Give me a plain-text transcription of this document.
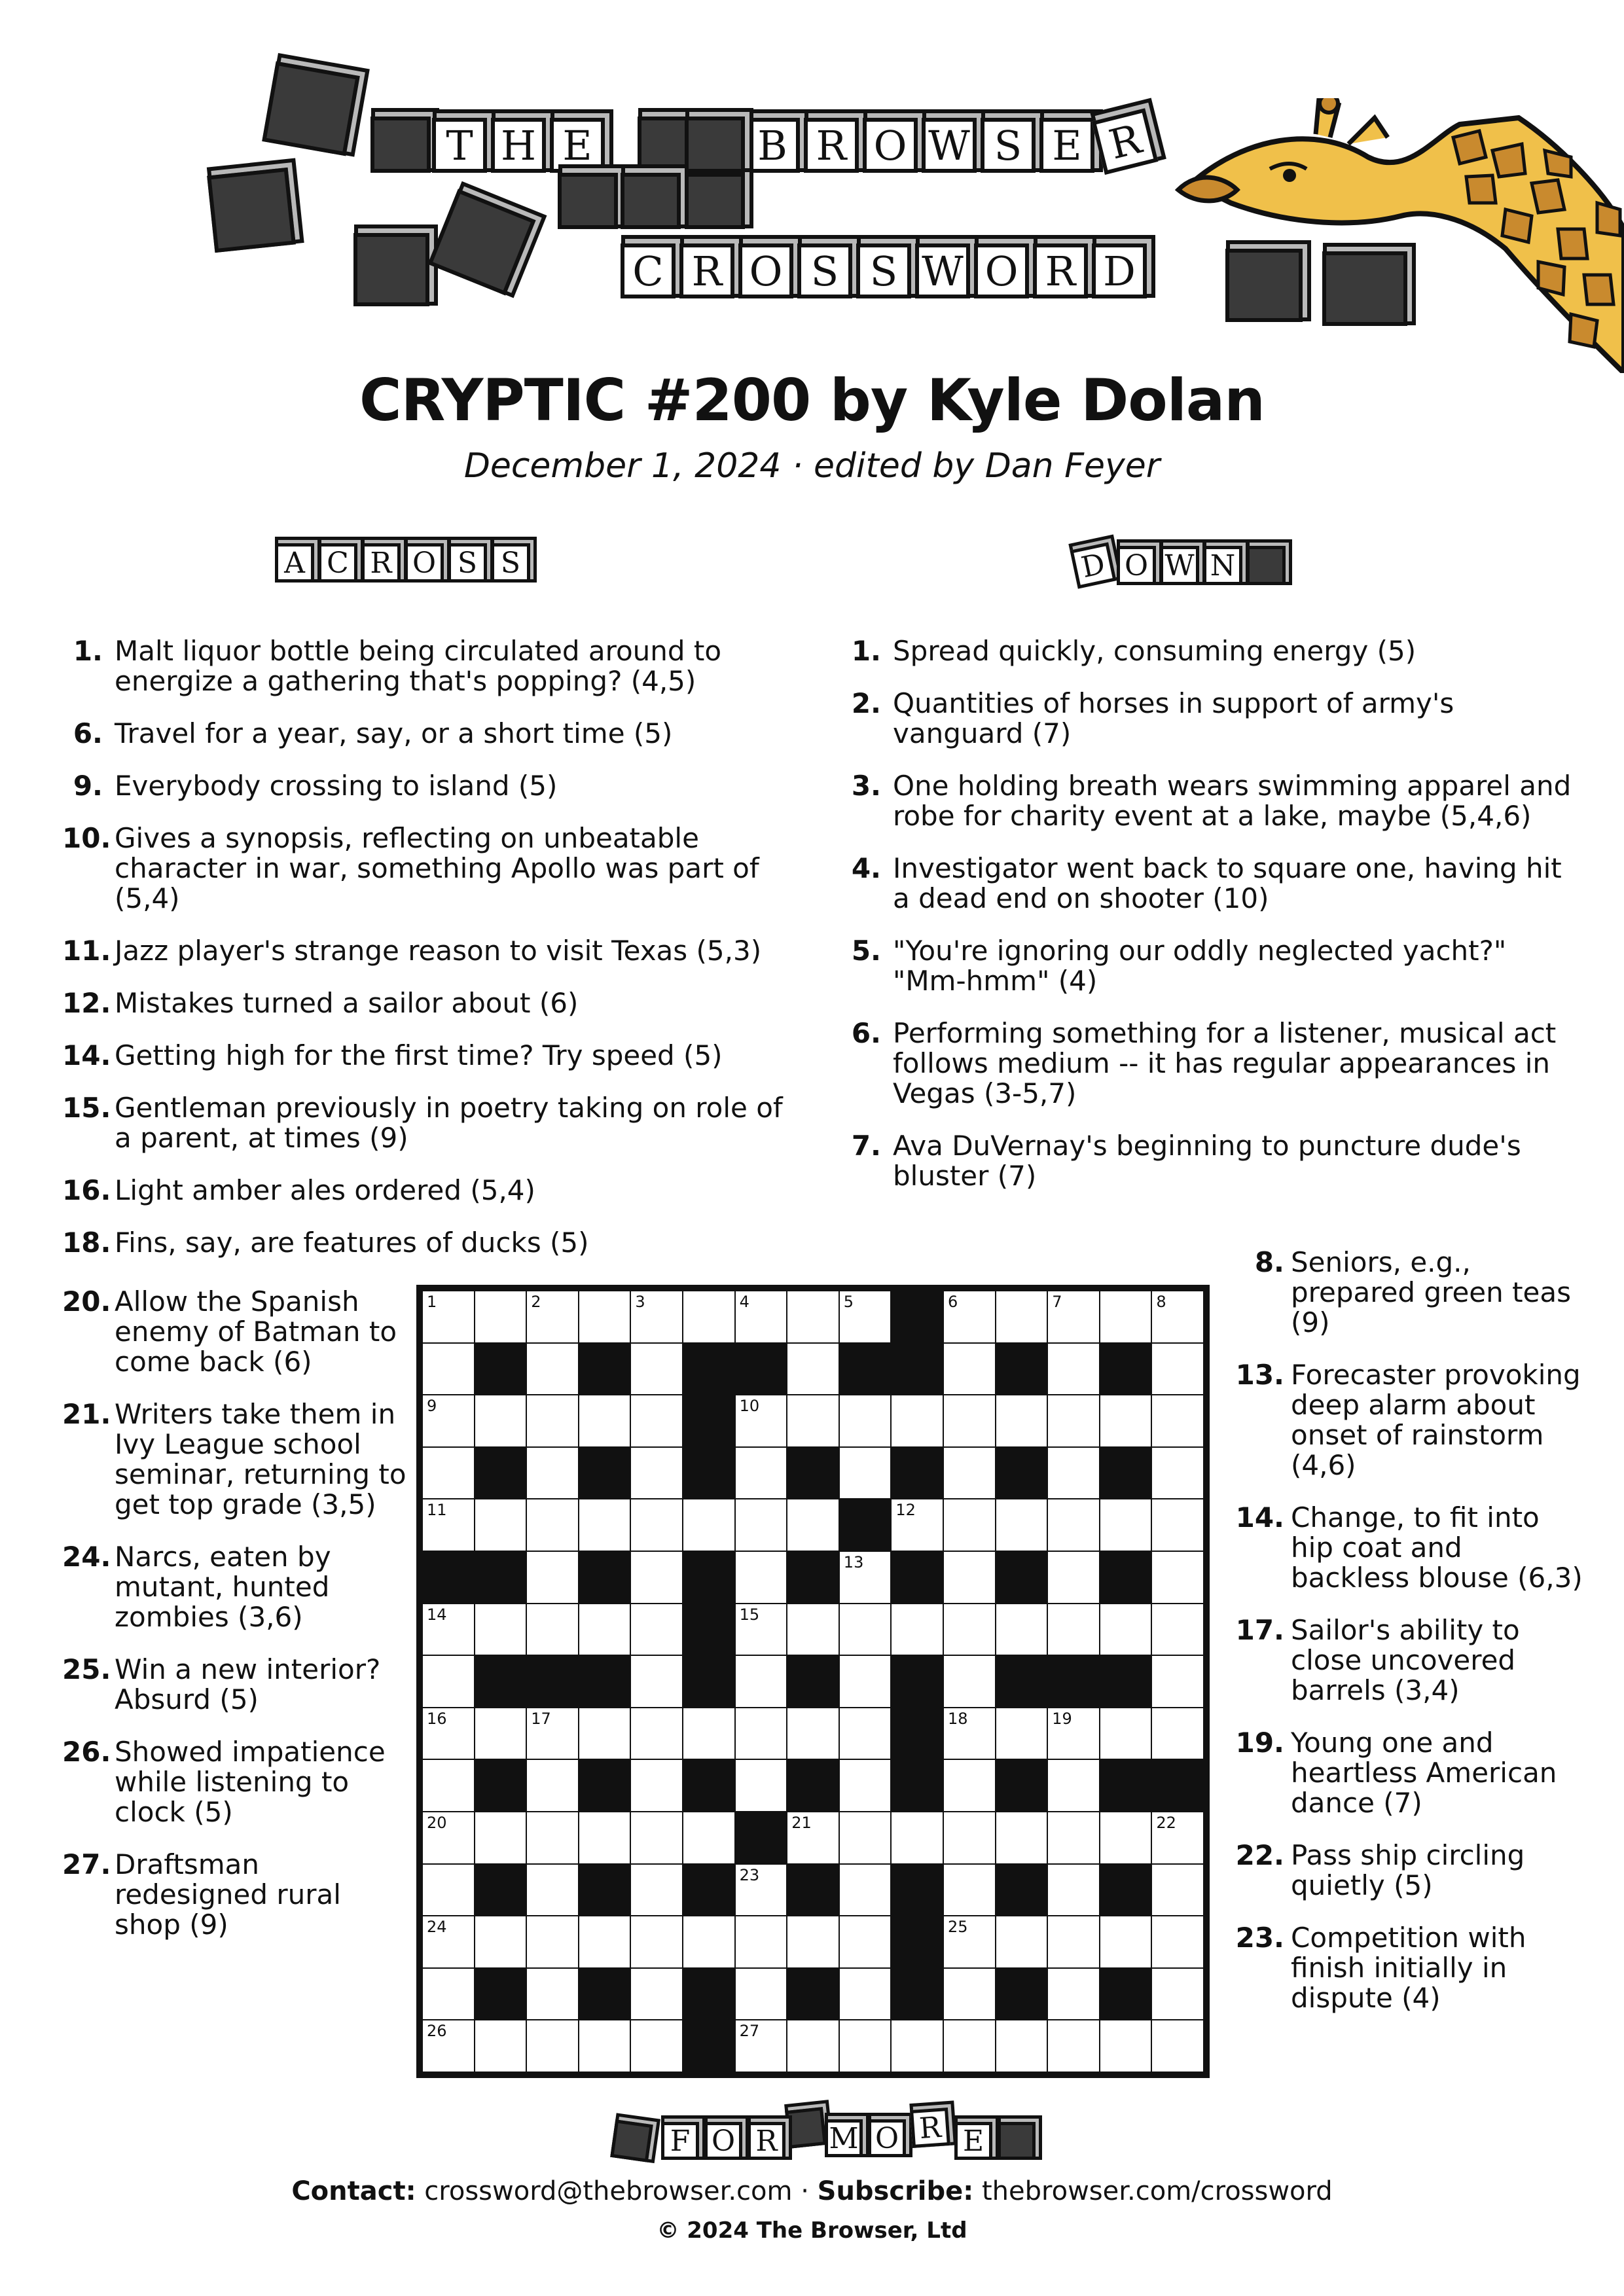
T H E	B R O W S E R
C R O S S W O R D
CRYPTIC #200 by Kyle Dolan
December 1, 2024 · edited by Dan Feyer
A C R O S S	D O W N
1. Malt liquor bottle being circulated around to energize a gathering that's popping? (4,5)
6. Travel for a year, say, or a short time (5)
9. Everybody crossing to island (5)
10. Gives a synopsis, reflecting on unbeatable character in war, something Apollo was part of (5,4)
11. Jazz player's strange reason to visit Texas (5,3)
12. Mistakes turned a sailor about (6)
14. Getting high for the first time? Try speed (5)
15. Gentleman previously in poetry taking on role of a parent, at times (9)
16. Light amber ales ordered (5,4)
18. Fins, say, are features of ducks (5)
20. Allow the Spanish enemy of Batman to come back (6)
21. Writers take them in Ivy League school seminar, returning to get top grade (3,5)
24. Narcs, eaten by mutant, hunted zombies (3,6)
25. Win a new interior? Absurd (5)
26. Showed impatience while listening to clock (5)
27. Draftsman redesigned rural shop (9)
1. Spread quickly, consuming energy (5)
2. Quantities of horses in support of army's vanguard (7)
3. One holding breath wears swimming apparel and robe for charity event at a lake, maybe (5,4,6)
4. Investigator went back to square one, having hit a dead end on shooter (10)
5. "You're ignoring our oddly neglected yacht?" "Mm-hmm" (4)
6. Performing something for a listener, musical act follows medium -- it has regular appearances in Vegas (3-5,7)
7. Ava DuVernay's beginning to puncture dude's bluster (7)
8. Seniors, e.g., prepared green teas (9)
13. Forecaster provoking deep alarm about onset of rainstorm (4,6)
14. Change, to fit into hip coat and backless blouse (6,3)
17. Sailor's ability to close uncovered barrels (3,4)
19. Young one and heartless American dance (7)
22. Pass ship circling quietly (5)
23. Competition with finish initially in dispute (4)
1	2	3	4	5	6	7	8
9	10
11	12
13
14	15
16	17	18	19
20	21	22
23
24	25
26	27
F O R M O R E
Contact: crossword@thebrowser.com · Subscribe: thebrowser.com/crossword
© 2024 The Browser, Ltd
